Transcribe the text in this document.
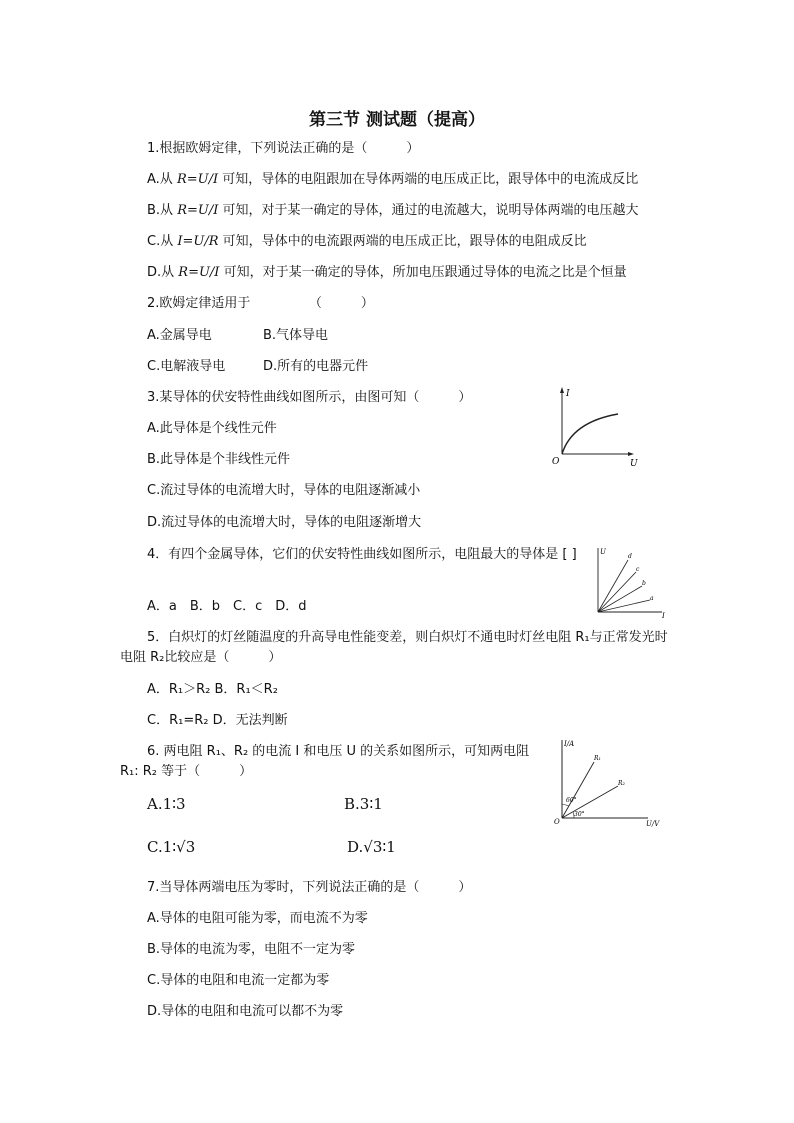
第三节 测试题（提高）
1.根据欧姆定律，下列说法正确的是（　　　）
A.从 R=U/I 可知，导体的电阻跟加在导体两端的电压成正比，跟导体中的电流成反比
B.从 R=U/I 可知，对于某一确定的导体，通过的电流越大，说明导体两端的电压越大
C.从 I=U/R 可知，导体中的电流跟两端的电压成正比，跟导体的电阻成反比
D.从 R=U/I 可知，对于某一确定的导体，所加电压跟通过导体的电流之比是个恒量
2.欧姆定律适用于　　　　　（　　　）
A.金属导电	B.气体导电
C.电解液导电	D.所有的电器元件
3.某导体的伏安特性曲线如图所示，由图可知（　　　）
A.此导体是个线性元件
B.此导体是个非线性元件
C.流过导体的电流增大时，导体的电阻逐渐减小
D.流过导体的电流增大时，导体的电阻逐渐增大
I
U
O
4．有四个金属导体，它们的伏安特性曲线如图所示，电阻最大的导体是 [ ]
A．a　B．b　C．c　D．d
U
I
d
c
b
a
5．白炽灯的灯丝随温度的升高导电性能变差，则白炽灯不通电时灯丝电阻 R₁与正常发光时电阻 R₂比较应是（　　　）
A．R₁＞R₂ B．R₁＜R₂
C．R₁=R₂ D．无法判断
6. 两电阻 R₁、R₂ 的电流 I 和电压 U 的关系如图所示，可知两电阻 R₁: R₂ 等于（　　　）
A.1∶3	B.3∶1
C.1∶√3	D.√3∶1
I/A
U/V
O
R₁
R₂
60°
30°
7.当导体两端电压为零时，下列说法正确的是（　　　）
A.导体的电阻可能为零，而电流不为零
B.导体的电流为零，电阻不一定为零
C.导体的电阻和电流一定都为零
D.导体的电阻和电流可以都不为零
